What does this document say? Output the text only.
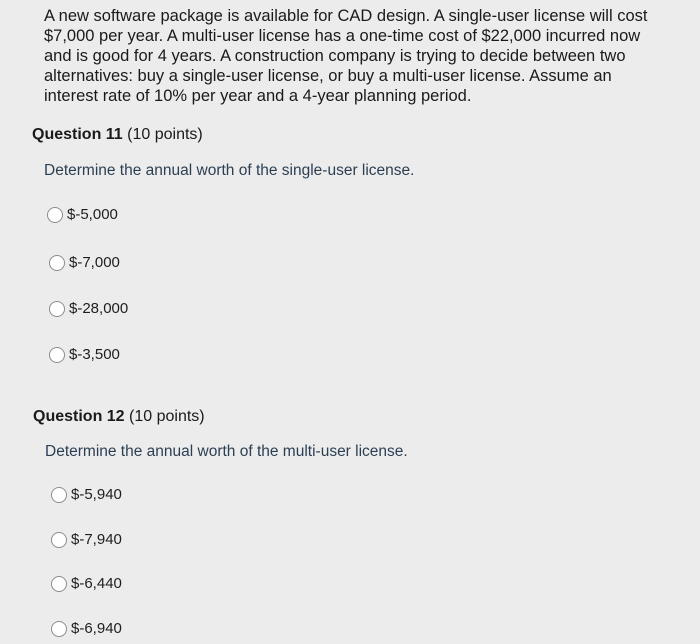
A new software package is available for CAD design. A single-user license will cost $7,000 per year. A multi-user license has a one-time cost of $22,000 incurred now and is good for 4 years. A construction company is trying to decide between two alternatives: buy a single-user license, or buy a multi-user license. Assume an interest rate of 10% per year and a 4-year planning period.

Question 11 (10 points)

Determine the annual worth of the single-user license.

$-5,000
$-7,000
$-28,000
$-3,500

Question 12 (10 points)

Determine the annual worth of the multi-user license.

$-5,940
$-7,940
$-6,440
$-6,940
